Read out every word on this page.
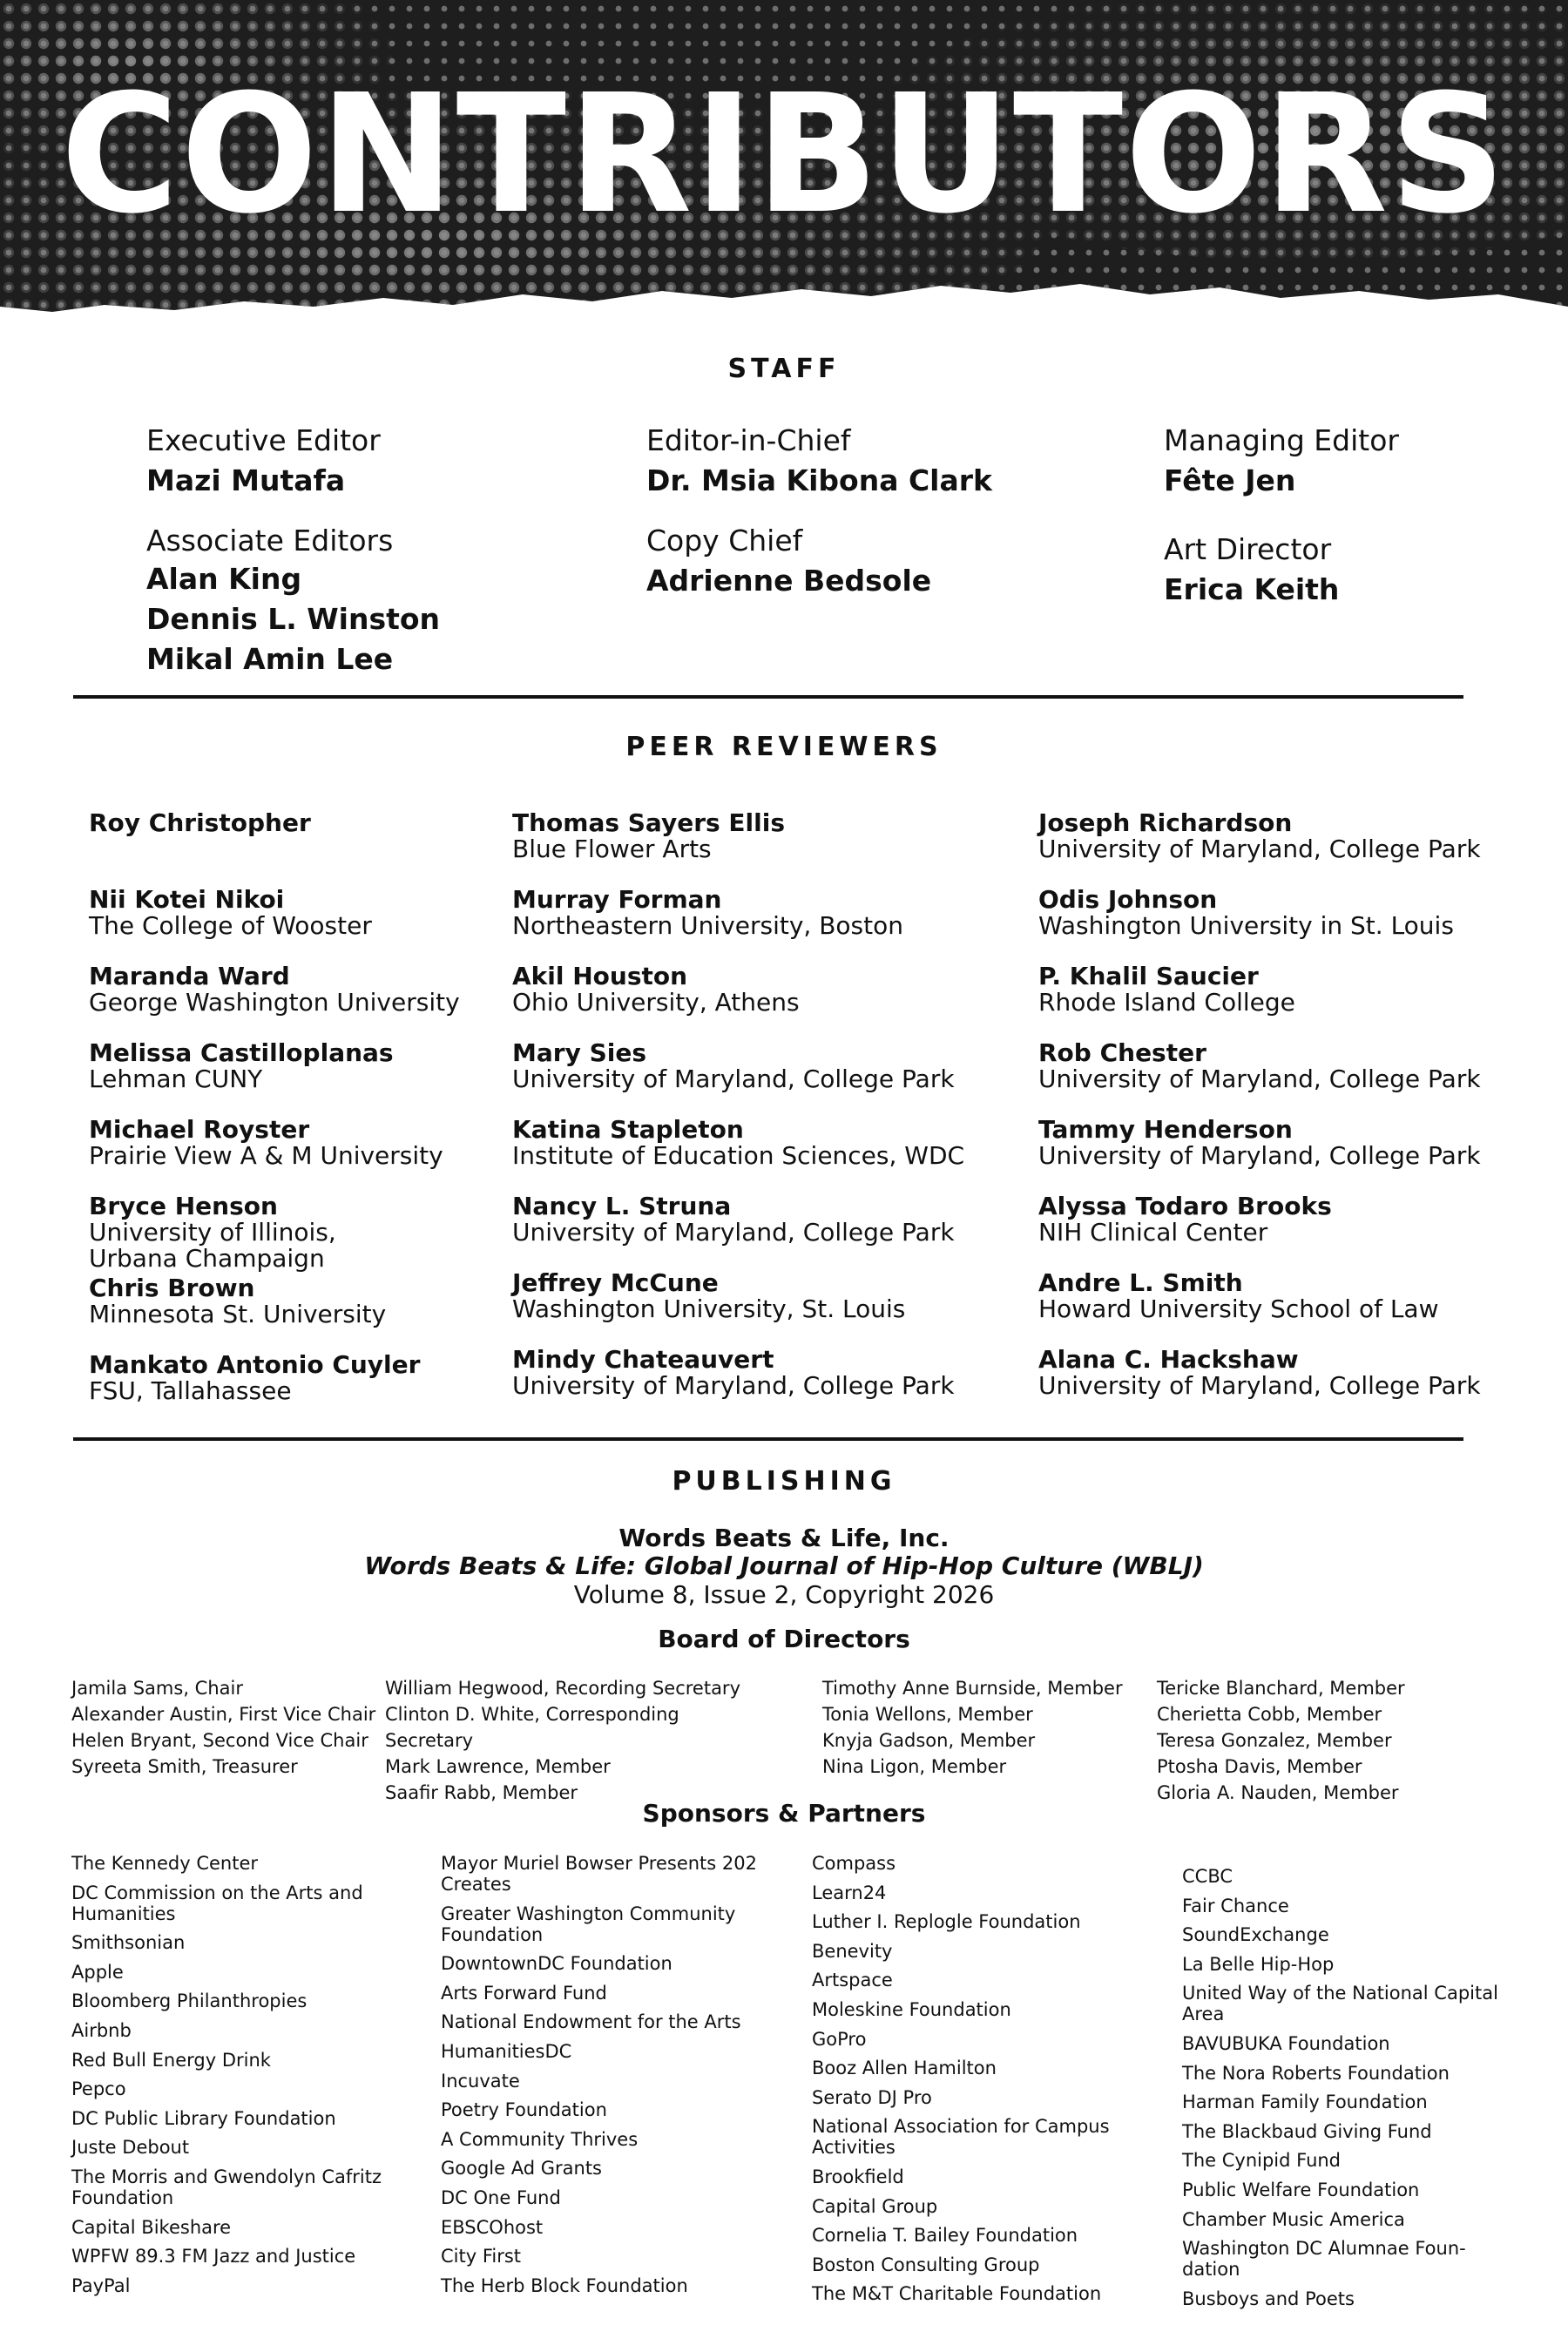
CONTRIBUTORS
STAFF
Executive Editor
Mazi Mutafa
Editor-in-Chief
Dr. Msia Kibona Clark
Managing Editor
Fête Jen
Associate Editors
Alan King
Dennis L. Winston
Mikal Amin Lee
Copy Chief
Adrienne Bedsole
Art Director
Erica Keith
PEER REVIEWERS
Roy Christopher
Nii Kotei Nikoi
The College of Wooster
Maranda Ward
George Washington University
Melissa Castilloplanas
Lehman CUNY
Michael Royster
Prairie View A & M University
Bryce Henson
University of Illinois,
Urbana Champaign
Chris Brown
Minnesota St. University
Mankato Antonio Cuyler
FSU, Tallahassee
Thomas Sayers Ellis
Blue Flower Arts
Murray Forman
Northeastern University, Boston
Akil Houston
Ohio University, Athens
Mary Sies
University of Maryland, College Park
Katina Stapleton
Institute of Education Sciences, WDC
Nancy L. Struna
University of Maryland, College Park
Jeffrey McCune
Washington University, St. Louis
Mindy Chateauvert
University of Maryland, College Park
Joseph Richardson
University of Maryland, College Park
Odis Johnson
Washington University in St. Louis
P. Khalil Saucier
Rhode Island College
Rob Chester
University of Maryland, College Park
Tammy Henderson
University of Maryland, College Park
Alyssa Todaro Brooks
NIH Clinical Center
Andre L. Smith
Howard University School of Law
Alana C. Hackshaw
University of Maryland, College Park
PUBLISHING
Words Beats & Life, Inc.
Words Beats & Life: Global Journal of Hip-Hop Culture (WBLJ)
Volume 8, Issue 2, Copyright 2026
Board of Directors
Jamila Sams, Chair
Alexander Austin, First Vice Chair
Helen Bryant, Second Vice Chair
Syreeta Smith, Treasurer
William Hegwood, Recording Secretary
Clinton D. White, Corresponding
Secretary
Mark Lawrence, Member
Saafir Rabb, Member
Timothy Anne Burnside, Member
Tonia Wellons, Member
Knyja Gadson, Member
Nina Ligon, Member
Tericke Blanchard, Member
Cherietta Cobb, Member
Teresa Gonzalez, Member
Ptosha Davis, Member
Gloria A. Nauden, Member
Sponsors & Partners
The Kennedy Center
DC Commission on the Arts and
Humanities
Smithsonian
Apple
Bloomberg Philanthropies
Airbnb
Red Bull Energy Drink
Pepco
DC Public Library Foundation
Juste Debout
The Morris and Gwendolyn Cafritz
Foundation
Capital Bikeshare
WPFW 89.3 FM Jazz and Justice
PayPal
Mayor Muriel Bowser Presents 202
Creates
Greater Washington Community
Foundation
DowntownDC Foundation
Arts Forward Fund
National Endowment for the Arts
HumanitiesDC
Incuvate
Poetry Foundation
A Community Thrives
Google Ad Grants
DC One Fund
EBSCOhost
City First
The Herb Block Foundation
Compass
Learn24
Luther I. Replogle Foundation
Benevity
Artspace
Moleskine Foundation
GoPro
Booz Allen Hamilton
Serato DJ Pro
National Association for Campus
Activities
Brookfield
Capital Group
Cornelia T. Bailey Foundation
Boston Consulting Group
The M&T Charitable Foundation
CCBC
Fair Chance
SoundExchange
La Belle Hip-Hop
United Way of the National Capital
Area
BAVUBUKA Foundation
The Nora Roberts Foundation
Harman Family Foundation
The Blackbaud Giving Fund
The Cynipid Fund
Public Welfare Foundation
Chamber Music America
Washington DC Alumnae Foun-
dation
Busboys and Poets
